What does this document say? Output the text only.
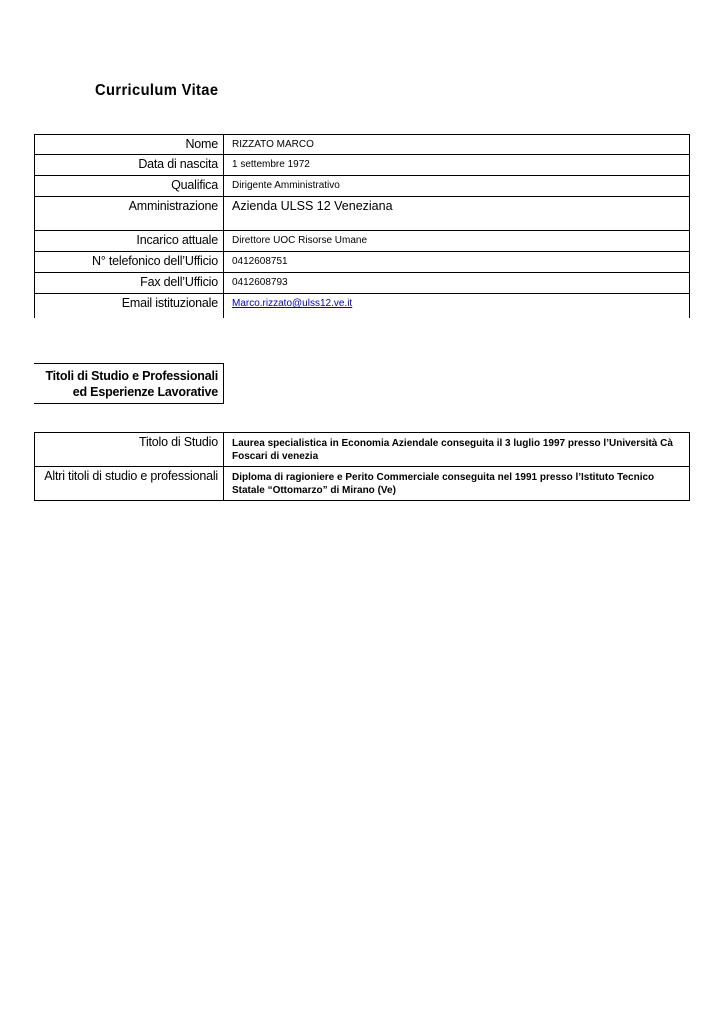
Curriculum Vitae
Nome	RIZZATO MARCO
Data di nascita	1 settembre 1972
Qualifica	Dirigente Amministrativo
Amministrazione	Azienda ULSS 12 Veneziana
Incarico attuale	Direttore UOC Risorse Umane
N° telefonico dell’Ufficio	0412608751
Fax dell’Ufficio	0412608793
Email istituzionale	Marco.rizzato@ulss12.ve.it
Titoli di Studio e Professionali
ed Esperienze Lavorative
Titolo di Studio	Laurea specialistica in Economia Aziendale conseguita il 3 luglio 1997 presso l’Università Cà Foscari di venezia
Altri titoli di studio e professionali	Diploma di ragioniere e Perito Commerciale conseguita nel 1991 presso l’Istituto Tecnico Statale “Ottomarzo” di Mirano (Ve)
